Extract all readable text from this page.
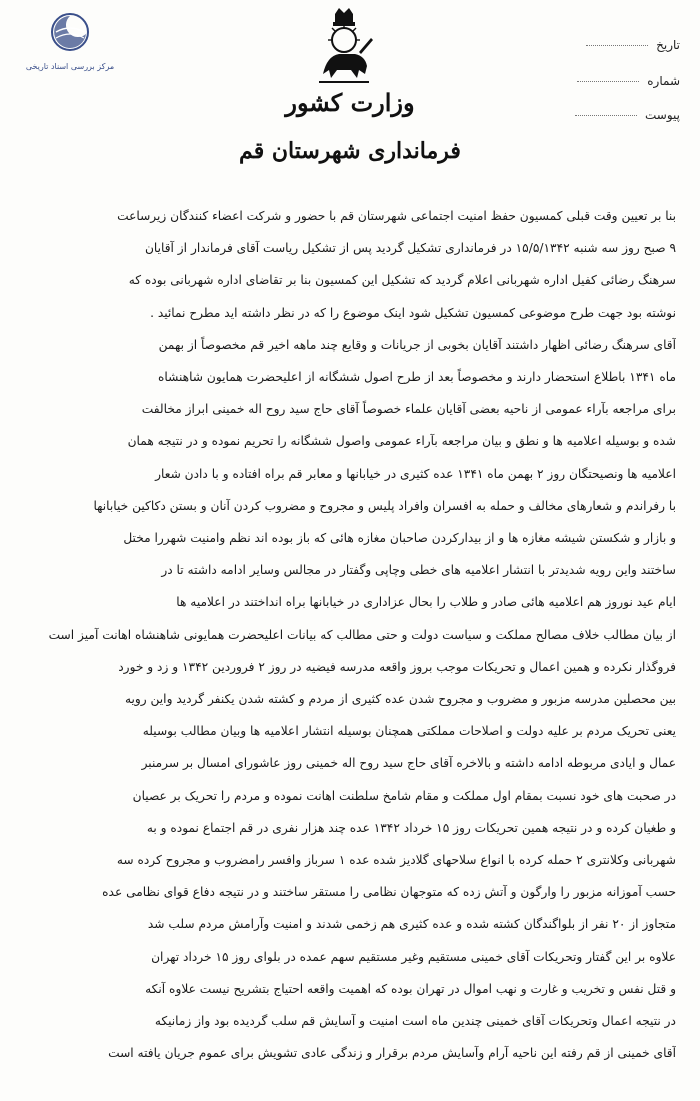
مرکز بررسی اسناد تاریخی
تاریخ
شماره
پیوست
وزارت کشور
فرمانداری شهرستان قم

بنا بر تعیین وقت قبلی کمسیون حفظ امنیت اجتماعی شهرستان قم با حضور و شرکت اعضاء کنندگان زیرساعت

۹ صبح روز سه شنبه ۱۵/۵/۱۳۴۲ در فرمانداری تشکیل گردید پس از تشکیل ریاست آقای فرماندار از آقایان

سرهنگ رضائی کفیل اداره شهربانی اعلام گردید که تشکیل این کمسیون بنا بر تقاضای اداره شهربانی بوده که

نوشته بود جهت طرح موضوعی کمسیون تشکیل شود اینک موضوع را که در نظر داشته اید مطرح نمائید .

آقای سرهنگ رضائی اظهار داشتند آقایان بخوبی از جریانات و وقایع چند ماهه اخیر قم مخصوصاً از بهمن

ماه ۱۳۴۱ باطلاع استحضار دارند و مخصوصاً بعد از طرح اصول ششگانه از اعلیحضرت همایون شاهنشاه

برای مراجعه بآراء عمومی از ناحیه بعضی آقایان علماء خصوصاً آقای حاج سید روح اله خمینی ابراز مخالفت

شده و بوسیله اعلامیه ها و نطق و بیان مراجعه بآراء عمومی واصول ششگانه را تحریم نموده و در نتیجه همان

اعلامیه ها ونصیحتگان روز ۲ بهمن ماه ۱۳۴۱ عده کثیری در خیابانها و معابر قم براه افتاده و با دادن شعار

با رفراندم و شعارهای مخالف و حمله به افسران وافراد پلیس و مجروح و مضروب کردن آنان و بستن دکاکین خیابانها

و بازار و شکستن شیشه مغازه ها و از بیدارکردن صاحبان مغازه هائی که باز بوده اند نظم وامنیت شهررا مختل

ساختند واین رویه شدیدتر با انتشار اعلامیه های خطی وچاپی وگفتار در مجالس وسایر ادامه داشته تا در

ایام عید نوروز هم اعلامیه هائی صادر و طلاب را بحال عزاداری در خیابانها براه انداختند در اعلامیه ها

از بیان مطالب خلاف مصالح مملکت و سیاست دولت و حتی مطالب که بیانات اعلیحضرت همایونی شاهنشاه اهانت آمیز است

فروگذار نکرده و همین اعمال و تحریکات موجب بروز واقعه مدرسه فیضیه در روز ۲ فروردین ۱۳۴۲ و زد و خورد

بین محصلین مدرسه مزبور و مضروب و مجروح شدن عده کثیری از مردم و کشته شدن یکنفر گردید واین رویه

یعنی تحریک مردم بر علیه دولت و اصلاحات مملکتی همچنان بوسیله انتشار اعلامیه ها وبیان مطالب بوسیله

عمال و ایادی مربوطه ادامه داشته و بالاخره آقای حاج سید روح اله خمینی روز عاشورای امسال بر سرمنبر

در صحبت های خود نسبت بمقام اول مملکت و مقام شامخ سلطنت اهانت نموده و مردم را تحریک بر عصیان

و طغیان کرده و در نتیجه همین تحریکات روز ۱۵ خرداد ۱۳۴۲ عده چند هزار نفری در قم اجتماع نموده و به

شهربانی وکلانتری ۲ حمله کرده با انواع سلاحهای گلادیز شده عده ۱ سرباز وافسر رامضروب و مجروح کرده سه

حسب آموزانه مزبور را وارگون و آتش زده که متوجهان نظامی را مستقر ساختند و در نتیجه دفاع قوای نظامی عده

متجاوز از ۲۰ نفر از بلواگندگان کشته شده و عده کثیری هم زخمی شدند و امنیت وآرامش مردم سلب شد

علاوه بر این گفتار وتحریکات آقای خمینی مستقیم وغیر مستقیم سهم عمده در بلوای روز ۱۵ خرداد تهران

و قتل نفس و تخریب و غارت و نهب اموال در تهران بوده که اهمیت واقعه احتیاج بتشریح نیست علاوه آنکه

در نتیجه اعمال وتحریکات آقای خمینی چندین ماه است امنیت و آسایش قم سلب گردیده بود واز زمانیکه

آقای خمینی از قم رفته این ناحیه آرام وآسایش مردم برقرار و زندگی عادی تشویش برای عموم جریان یافته است
